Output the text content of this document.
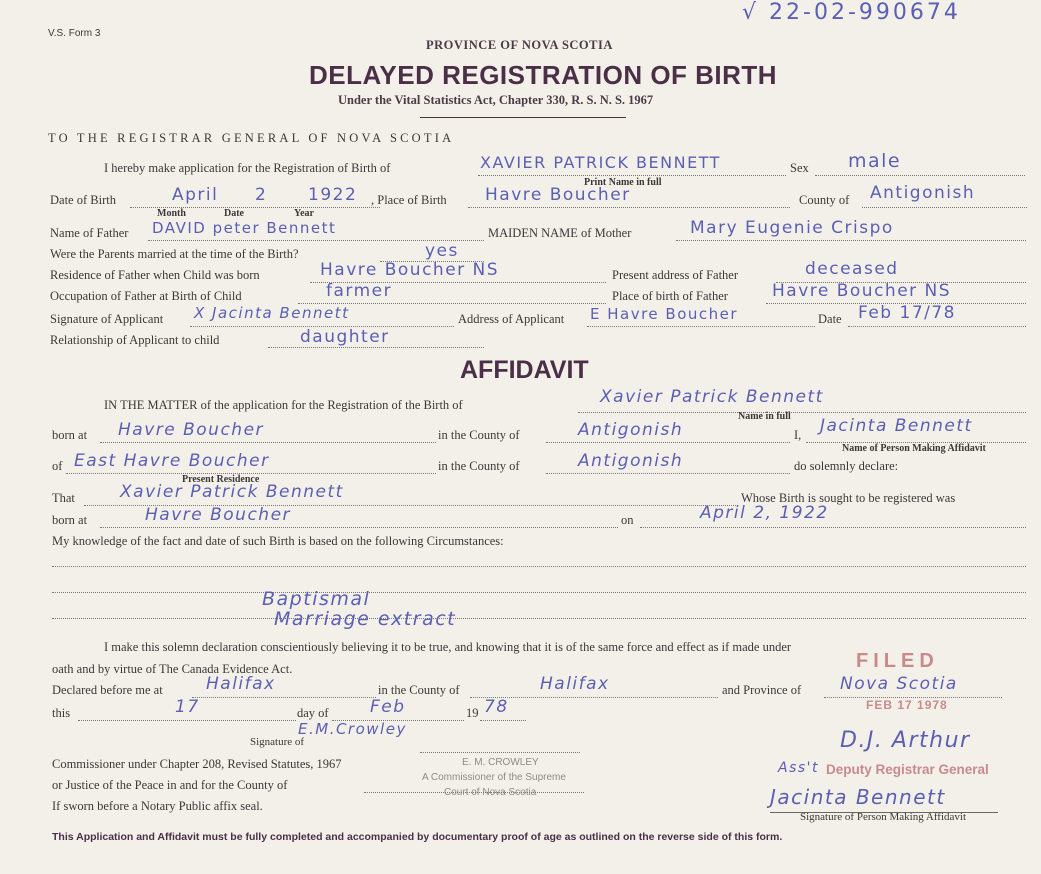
V.S. Form 3
√ 22-02-990674
PROVINCE OF NOVA SCOTIA
DELAYED REGISTRATION OF BIRTH
Under the Vital Statistics Act, Chapter 330, R. S. N. S. 1967
TO THE REGISTRAR GENERAL OF NOVA SCOTIA
I hereby make application for the Registration of Birth of	XAVIER PATRICK BENNETT	Sex male
Print Name in full
Date of Birth	April 2 1922 , Place of Birth Havre Boucher	County of Antigonish
Month	Date	Year
Name of Father DAVID peter Bennett	MAIDEN NAME of Mother	Mary Eugenie Crispo
Were the Parents married at the time of the Birth?	yes
Residence of Father when Child was born	Havre Boucher NS	Present address of Father	deceased
Occupation of Father at Birth of Child	farmer	Place of birth of Father	Havre Boucher NS
Signature of Applicant X Jacinta Bennett	Address of Applicant E Havre Boucher	Date Feb 17/78
Relationship of Applicant to child	daughter
AFFIDAVIT
IN THE MATTER of the application for the Registration of the Birth of	Xavier Patrick Bennett
Name in full
born at Havre Boucher	in the County of	Antigonish	I, Jacinta Bennett
Name of Person Making Affidavit
of East Havre Boucher	in the County of	Antigonish	do solemnly declare:
Present Residence
That	Xavier Patrick Bennett	Whose Birth is sought to be registered was
born at	Havre Boucher	on	April 2, 1922
My knowledge of the fact and date of such Birth is based on the following Circumstances:
Baptismal
Marriage extract
I make this solemn declaration conscientiously believing it to be true, and knowing that it is of the same force and effect as if made under
oath and by virtue of The Canada Evidence Act.
Declared before me at	Halifax	in the County of	Halifax	and Province of Nova Scotia
this	17	day of Feb	19 78
E.M.Crowley
Signature of
E. M. CROWLEY
A Commissioner of the Supreme
Court of Nova Scotia
Commissioner under Chapter 208, Revised Statutes, 1967
or Justice of the Peace in and for the County of
If sworn before a Notary Public affix seal.
FILED
FEB 17 1978
D.J. Arthur
Ass't Deputy Registrar General
Jacinta Bennett
Signature of Person Making Affidavit
This Application and Affidavit must be fully completed and accompanied by documentary proof of age as outlined on the reverse side of this form.
